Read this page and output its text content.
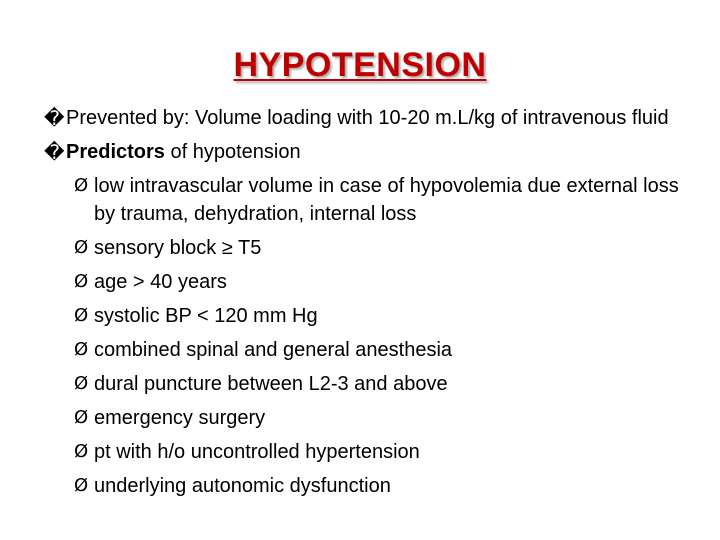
HYPOTENSION
� Prevented by: Volume loading with 10-20 m.L/kg of intravenous fluid
� Predictors of hypotension
Ø low intravascular volume in case of hypovolemia due external loss by trauma, dehydration, internal loss
Ø sensory block ≥ T5
Ø age > 40 years
Ø systolic BP < 120 mm Hg
Ø combined spinal and general anesthesia
Ø dural puncture between L2-3 and above
Ø emergency surgery
Ø pt with h/o uncontrolled hypertension
Ø underlying autonomic dysfunction
